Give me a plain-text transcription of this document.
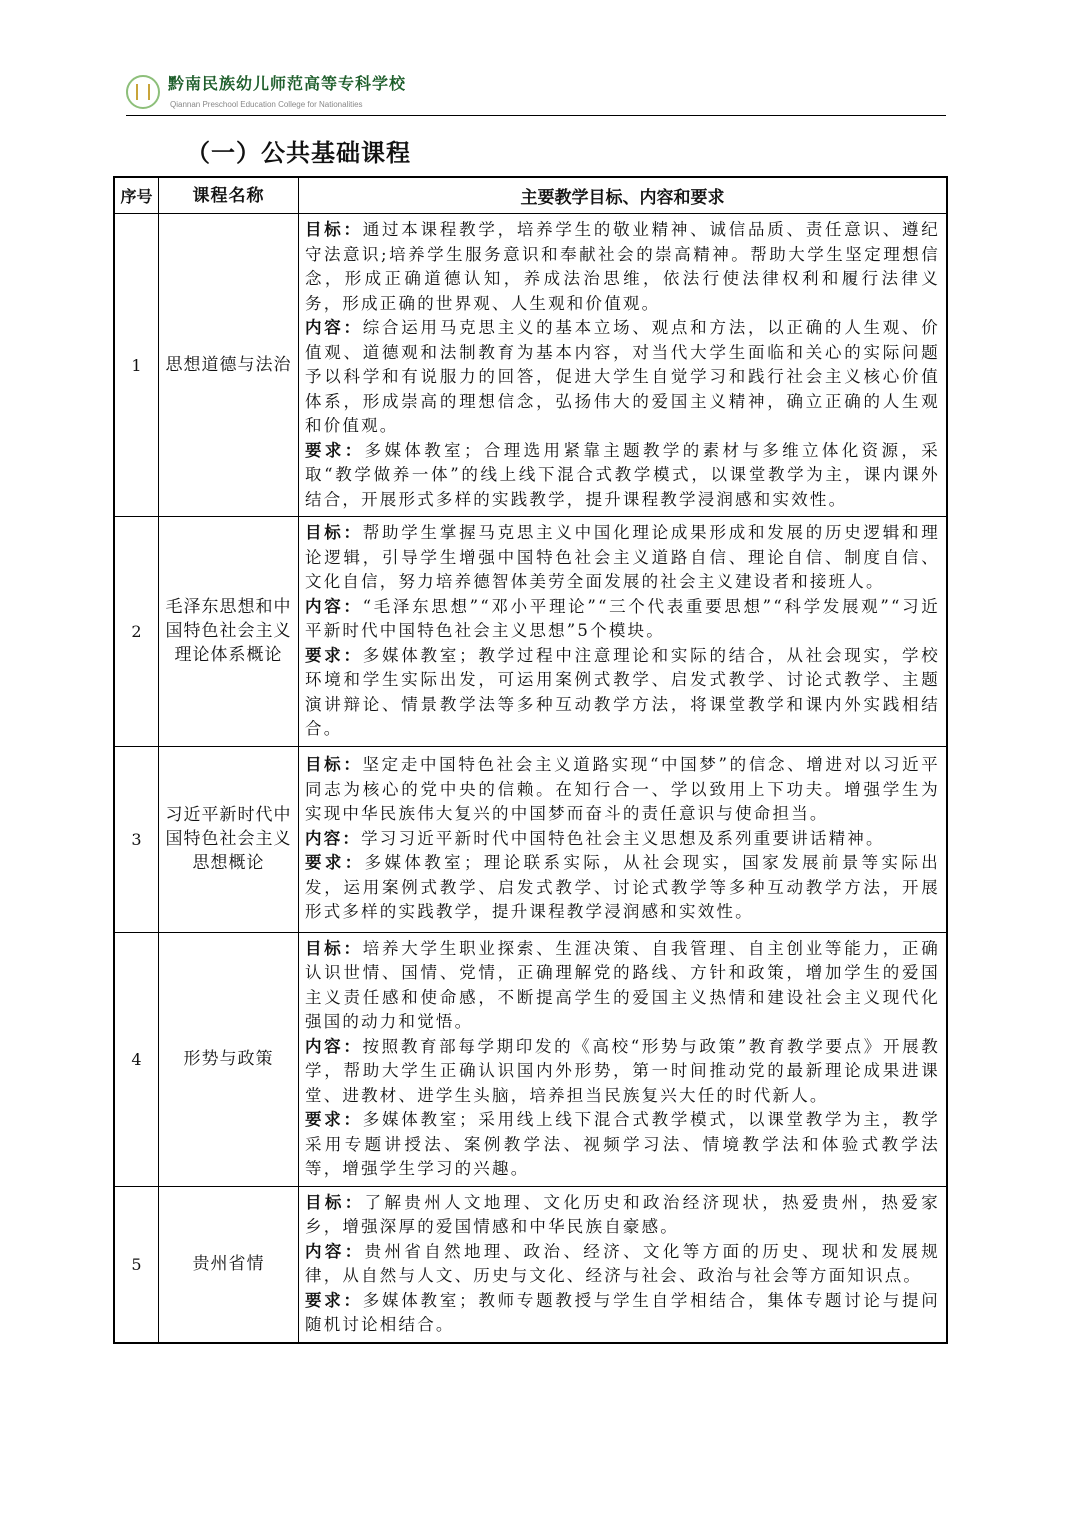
黔南民族幼儿师范高等专科学校
Qiannan Preschool Education College for Nationalities
（一）公共基础课程
序号	课程名称	主要教学目标、内容和要求
1	思想道德与法治	目标：通过本课程教学，培养学生的敬业精神、诚信品质、责任意识、遵纪守法意识;培养学生服务意识和奉献社会的崇高精神。帮助大学生坚定理想信念，形成正确道德认知，养成法治思维，依法行使法律权利和履行法律义务，形成正确的世界观、人生观和价值观。

内容：综合运用马克思主义的基本立场、观点和方法，以正确的人生观、价值观、道德观和法制教育为基本内容，对当代大学生面临和关心的实际问题予以科学和有说服力的回答，促进大学生自觉学习和践行社会主义核心价值体系，形成崇高的理想信念，弘扬伟大的爱国主义精神，确立正确的人生观和价值观。

要求：多媒体教室；合理选用紧靠主题教学的素材与多维立体化资源，采取“教学做养一体”的线上线下混合式教学模式，以课堂教学为主，课内课外结合，开展形式多样的实践教学，提升课程教学浸润感和实效性。

2	毛泽东思想和中国特色社会主义理论体系概论	目标：帮助学生掌握马克思主义中国化理论成果形成和发展的历史逻辑和理论逻辑，引导学生增强中国特色社会主义道路自信、理论自信、制度自信、文化自信，努力培养德智体美劳全面发展的社会主义建设者和接班人。

内容：“毛泽东思想”“邓小平理论”“三个代表重要思想”“科学发展观”“习近平新时代中国特色社会主义思想”5个模块。

要求：多媒体教室；教学过程中注意理论和实际的结合，从社会现实，学校环境和学生实际出发，可运用案例式教学、启发式教学、讨论式教学、主题演讲辩论、情景教学法等多种互动教学方法，将课堂教学和课内外实践相结合。

3	习近平新时代中国特色社会主义思想概论	目标：坚定走中国特色社会主义道路实现“中国梦”的信念、增进对以习近平同志为核心的党中央的信赖。在知行合一、学以致用上下功夫。增强学生为实现中华民族伟大复兴的中国梦而奋斗的责任意识与使命担当。

内容：学习习近平新时代中国特色社会主义思想及系列重要讲话精神。

要求：多媒体教室；理论联系实际，从社会现实，国家发展前景等实际出发，运用案例式教学、启发式教学、讨论式教学等多种互动教学方法，开展形式多样的实践教学，提升课程教学浸润感和实效性。

4	形势与政策	目标：培养大学生职业探索、生涯决策、自我管理、自主创业等能力，正确认识世情、国情、党情，正确理解党的路线、方针和政策，增加学生的爱国主义责任感和使命感，不断提高学生的爱国主义热情和建设社会主义现代化强国的动力和觉悟。

内容：按照教育部每学期印发的《高校“形势与政策”教育教学要点》开展教学，帮助大学生正确认识国内外形势，第一时间推动党的最新理论成果进课堂、进教材、进学生头脑，培养担当民族复兴大任的时代新人。

要求：多媒体教室；采用线上线下混合式教学模式，以课堂教学为主，教学采用专题讲授法、案例教学法、视频学习法、情境教学法和体验式教学法等，增强学生学习的兴趣。

5	贵州省情	目标：了解贵州人文地理、文化历史和政治经济现状，热爱贵州，热爱家乡，增强深厚的爱国情感和中华民族自豪感。

内容：贵州省自然地理、政治、经济、文化等方面的历史、现状和发展规律，从自然与人文、历史与文化、经济与社会、政治与社会等方面知识点。

要求：多媒体教室；教师专题教授与学生自学相结合，集体专题讨论与提问随机讨论相结合。
